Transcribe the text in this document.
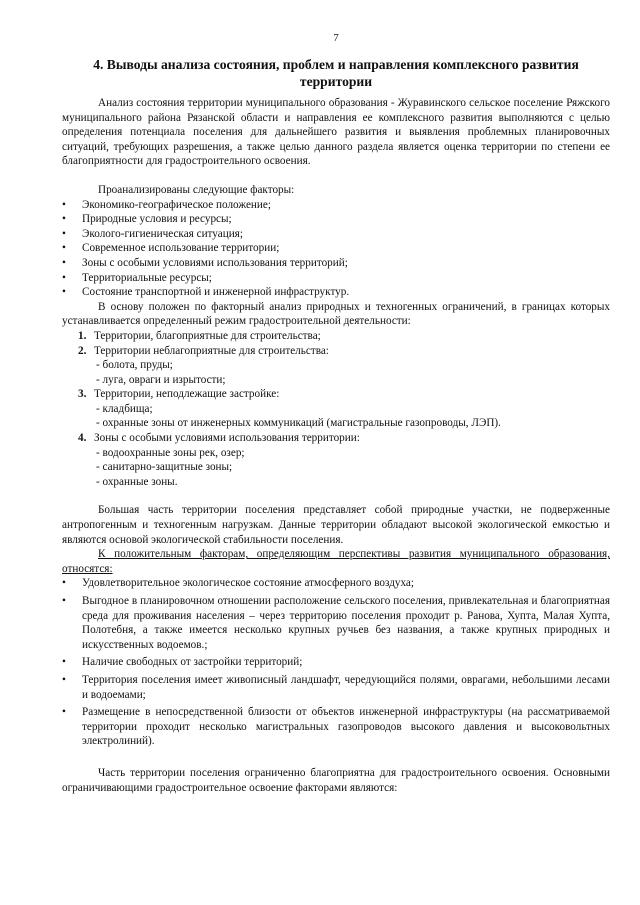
7
4. Выводы анализа состояния, проблем и направления комплексного развития территории

Анализ состояния территории муниципального образования - Журавинского сельское поселение Ряжского муниципального района Рязанской области и направления ее комплексного развития выполняются с целью определения потенциала поселения для дальнейшего развития и выявления проблемных планировочных ситуаций, требующих разрешения, а также целью данного раздела является оценка территории по степени ее благоприятности для градостроительного освоения.

Проанализированы следующие факторы:

• Экономико-географическое положение;
• Природные условия и ресурсы;
• Эколого-гигиеническая ситуация;
• Современное использование территории;
• Зоны с особыми условиями использования территорий;
• Территориальные ресурсы;
• Состояние транспортной и инженерной инфраструктур.

В основу положен по факторный анализ природных и техногенных ограничений, в границах которых устанавливается определенный режим градостроительной деятельности:

1. Территории, благоприятные для строительства;
2. Территории неблагоприятные для строительства:
- болота, пруды;
- луга, овраги и изрытости;
3. Территории, неподлежащие застройке:
- кладбища;
- охранные зоны от инженерных коммуникаций (магистральные газопроводы, ЛЭП).
4. Зоны с особыми условиями использования территории:
- водоохранные зоны рек, озер;
- санитарно-защитные зоны;
- охранные зоны.

Большая часть территории поселения представляет собой природные участки, не подверженные антропогенным и техногенным нагрузкам. Данные территории обладают высокой экологической емкостью и являются основой экологической стабильности поселения.

К положительным факторам, определяющим перспективы развития муниципального образования, относятся:

• Удовлетворительное экологическое состояние атмосферного воздуха;
• Выгодное в планировочном отношении расположение сельского поселения, привлекательная и благоприятная среда для проживания населения – через территорию поселения проходит р. Ранова, Хупта, Малая Хупта, Полотебня, а также имеется несколько крупных ручьев без названия, а также крупных природных и искусственных водоемов.;
• Наличие свободных от застройки территорий;
• Территория поселения имеет живописный ландшафт, чередующийся полями, оврагами, небольшими лесами и водоемами;
• Размещение в непосредственной близости от объектов инженерной инфраструктуры (на рассматриваемой территории проходит несколько магистральных газопроводов высокого давления и высоковольтных электролиний).

Часть территории поселения ограниченно благоприятна для градостроительного освоения. Основными ограничивающими градостроительное освоение факторами являются:
